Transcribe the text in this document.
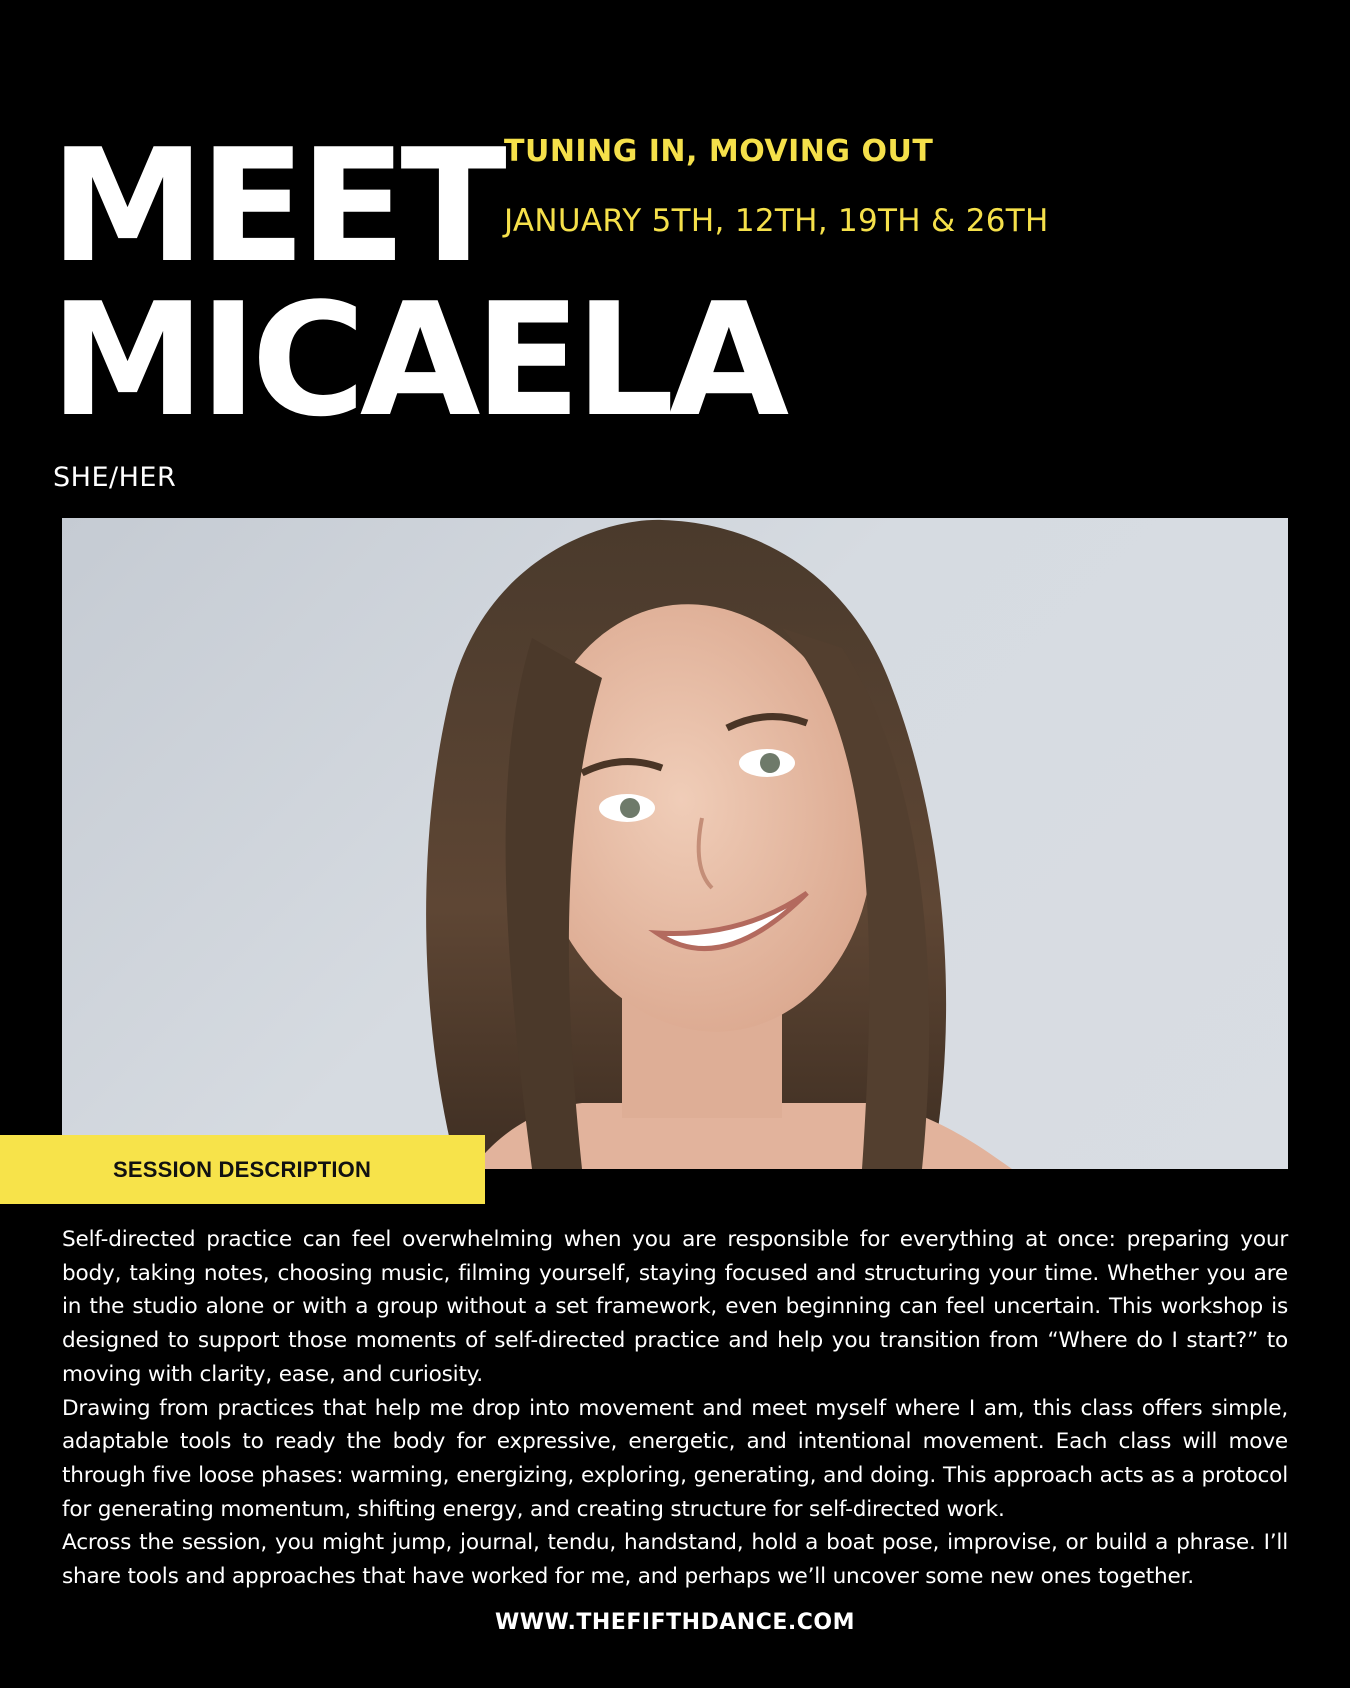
MEET
MICAELA
TUNING IN, MOVING OUT
JANUARY 5TH, 12TH, 19TH & 26TH
SHE/HER
SESSION DESCRIPTION

Self-directed practice can feel overwhelming when you are responsible for everything at once: preparing your body, taking notes, choosing music, filming yourself, staying focused and structuring your time. Whether you are in the studio alone or with a group without a set framework, even beginning can feel uncertain. This workshop is designed to support those moments of self-directed practice and help you transition from “Where do I start?” to moving with clarity, ease, and curiosity.

Drawing from practices that help me drop into movement and meet myself where I am, this class offers simple, adaptable tools to ready the body for expressive, energetic, and intentional movement. Each class will move through five loose phases: warming, energizing, exploring, generating, and doing. This approach acts as a protocol for generating momentum, shifting energy, and creating structure for self-directed work.

Across the session, you might jump, journal, tendu, handstand, hold a boat pose, improvise, or build a phrase. I’ll share tools and approaches that have worked for me, and perhaps we’ll uncover some new ones together.

WWW.THEFIFTHDANCE.COM
